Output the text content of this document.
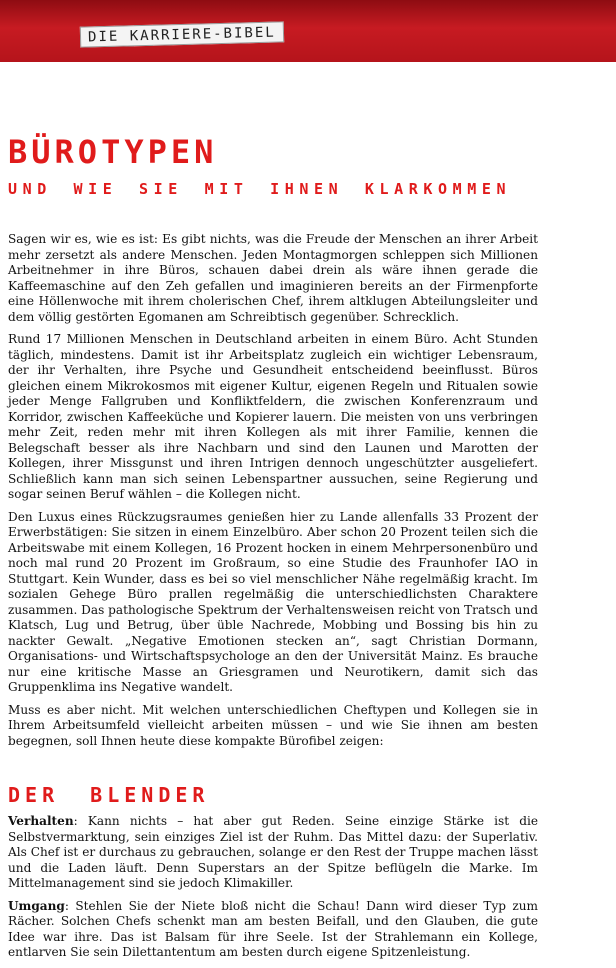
DIE KARRIERE-BIBEL
BÜROTYPEN
UND WIE SIE MIT IHNEN KLARKOMMEN

Sagen wir es, wie es ist: Es gibt nichts, was die Freude der Menschen an ihrer Arbeit mehr zersetzt als andere Menschen. Jeden Montagmorgen schleppen sich Millionen Arbeitnehmer in ihre Büros, schauen dabei drein als wäre ihnen gerade die Kaffeemaschine auf den Zeh gefallen und imaginieren bereits an der Firmenpforte eine Höllenwoche mit ihrem cholerischen Chef, ihrem altklugen Abteilungsleiter und dem völlig gestörten Egomanen am Schreibtisch gegenüber. Schrecklich.

Rund 17 Millionen Menschen in Deutschland arbeiten in einem Büro. Acht Stunden täglich, mindestens. Damit ist ihr Arbeitsplatz zugleich ein wichtiger Lebensraum, der ihr Verhalten, ihre Psyche und Gesundheit entscheidend beeinflusst. Büros gleichen einem Mikrokosmos mit eigener Kultur, eigenen Regeln und Ritualen sowie jeder Menge Fallgruben und Konfliktfeldern, die zwischen Konferenzraum und Korridor, zwischen Kaffeeküche und Kopierer lauern. Die meisten von uns verbringen mehr Zeit, reden mehr mit ihren Kollegen als mit ihrer Familie, kennen die Belegschaft besser als ihre Nachbarn und sind den Launen und Marotten der Kollegen, ihrer Missgunst und ihren Intrigen dennoch ungeschützter ausgeliefert. Schließlich kann man sich seinen Lebenspartner aussuchen, seine Regierung und sogar seinen Beruf wählen – die Kollegen nicht.

Den Luxus eines Rückzugsraumes genießen hier zu Lande allenfalls 33 Prozent der Erwerbstätigen: Sie sitzen in einem Einzelbüro. Aber schon 20 Prozent teilen sich die Arbeitswabe mit einem Kollegen, 16 Prozent hocken in einem Mehrpersonenbüro und noch mal rund 20 Prozent im Großraum, so eine Studie des Fraunhofer IAO in Stuttgart. Kein Wunder, dass es bei so viel menschlicher Nähe regelmäßig kracht. Im sozialen Gehege Büro prallen regelmäßig die unterschiedlichsten Charaktere zusammen. Das pathologische Spektrum der Verhaltensweisen reicht von Tratsch und Klatsch, Lug und Betrug, über üble Nachrede, Mobbing und Bossing bis hin zu nackter Gewalt. „Negative Emotionen stecken an“, sagt Christian Dormann, Organisations- und Wirtschaftspsychologe an den der Universität Mainz. Es brauche nur eine kritische Masse an Griesgramen und Neurotikern, damit sich das Gruppenklima ins Negative wandelt.

Muss es aber nicht. Mit welchen unterschiedlichen Cheftypen und Kollegen sie in Ihrem Arbeitsumfeld vielleicht arbeiten müssen – und wie Sie ihnen am besten begegnen, soll Ihnen heute diese kompakte Bürofibel zeigen:

DER BLENDER

Verhalten: Kann nichts – hat aber gut Reden. Seine einzige Stärke ist die Selbstvermarktung, sein einziges Ziel ist der Ruhm. Das Mittel dazu: der Superlativ. Als Chef ist er durchaus zu gebrauchen, solange er den Rest der Truppe machen lässt und die Laden läuft. Denn Superstars an der Spitze beflügeln die Marke. Im Mittelmanagement sind sie jedoch Klimakiller.

Umgang: Stehlen Sie der Niete bloß nicht die Schau! Dann wird dieser Typ zum Rächer. Solchen Chefs schenkt man am besten Beifall, und den Glauben, die gute Idee war ihre. Das ist Balsam für ihre Seele. Ist der Strahlemann ein Kollege, entlarven Sie sein Dilettantentum am besten durch eigene Spitzenleistung.
